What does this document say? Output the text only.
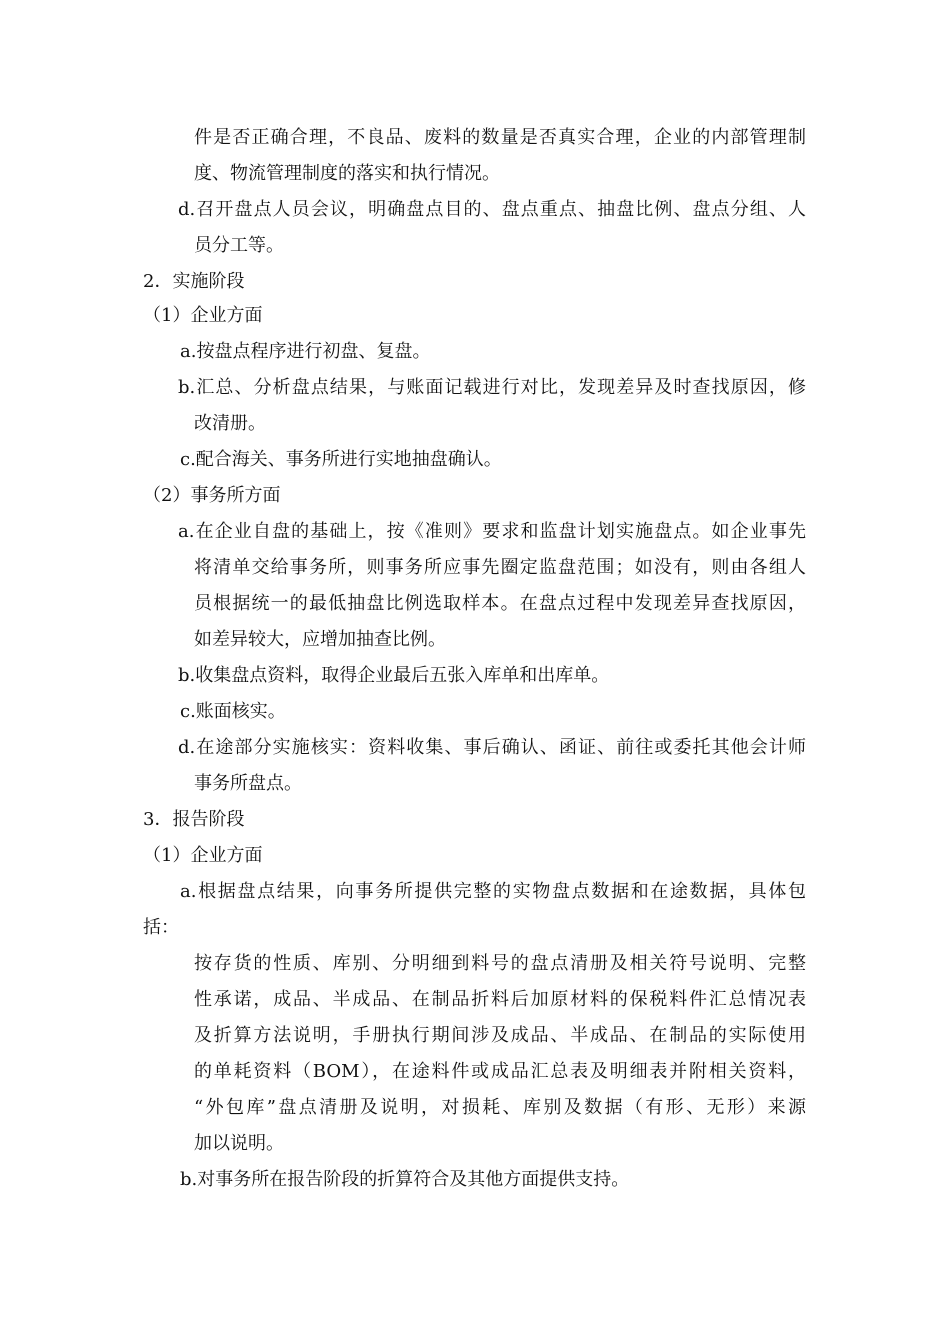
件是否正确合理，不良品、废料的数量是否真实合理，企业的内部管理制
度、物流管理制度的落实和执行情况。
d.召开盘点人员会议，明确盘点目的、盘点重点、抽盘比例、盘点分组、人
员分工等。
2．实施阶段
（1）企业方面
a.按盘点程序进行初盘、复盘。
b.汇总、分析盘点结果，与账面记载进行对比，发现差异及时查找原因，修
改清册。
c.配合海关、事务所进行实地抽盘确认。
（2）事务所方面
a.在企业自盘的基础上，按《准则》要求和监盘计划实施盘点。如企业事先
将清单交给事务所，则事务所应事先圈定监盘范围；如没有，则由各组人
员根据统一的最低抽盘比例选取样本。在盘点过程中发现差异查找原因，
如差异较大，应增加抽查比例。
b.收集盘点资料，取得企业最后五张入库单和出库单。
c.账面核实。
d.在途部分实施核实：资料收集、事后确认、函证、前往或委托其他会计师
事务所盘点。
3．报告阶段
（1）企业方面
a.根据盘点结果，向事务所提供完整的实物盘点数据和在途数据，具体包
括：
按存货的性质、库别、分明细到料号的盘点清册及相关符号说明、完整
性承诺，成品、半成品、在制品折料后加原材料的保税料件汇总情况表
及折算方法说明，手册执行期间涉及成品、半成品、在制品的实际使用
的单耗资料（BOM），在途料件或成品汇总表及明细表并附相关资料，
“外包库”盘点清册及说明，对损耗、库别及数据（有形、无形）来源
加以说明。
b.对事务所在报告阶段的折算符合及其他方面提供支持。
